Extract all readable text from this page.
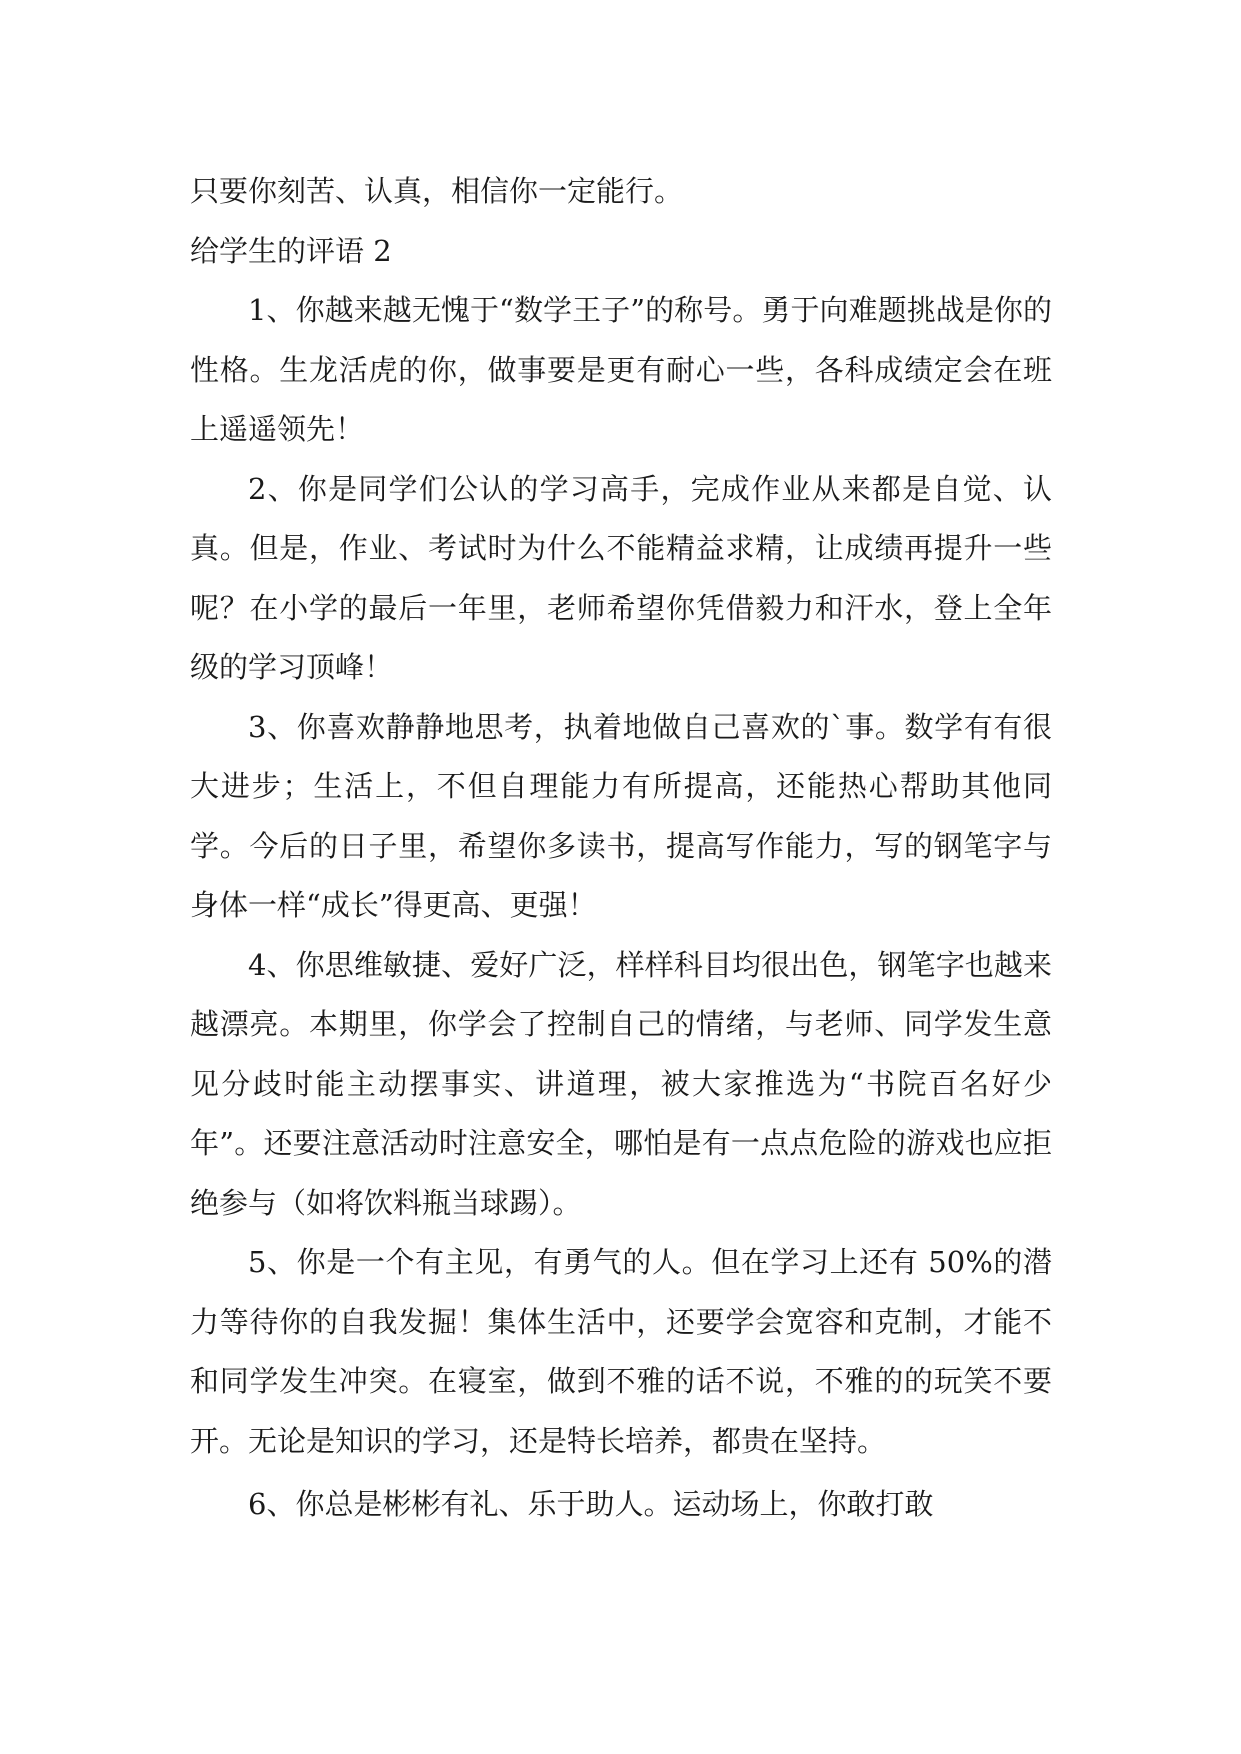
只要你刻苦、认真，相信你一定能行。

给学生的评语 2

1、你越来越无愧于“数学王子”的称号。勇于向难题挑战是你的性格。生龙活虎的你，做事要是更有耐心一些，各科成绩定会在班上遥遥领先！

2、你是同学们公认的学习高手，完成作业从来都是自觉、认真。但是，作业、考试时为什么不能精益求精，让成绩再提升一些呢？在小学的最后一年里，老师希望你凭借毅力和汗水，登上全年级的学习顶峰！

3、你喜欢静静地思考，执着地做自己喜欢的`事。数学有有很大进步；生活上，不但自理能力有所提高，还能热心帮助其他同学。今后的日子里，希望你多读书，提高写作能力，写的钢笔字与身体一样“成长”得更高、更强！

4、你思维敏捷、爱好广泛，样样科目均很出色，钢笔字也越来越漂亮。本期里，你学会了控制自己的情绪，与老师、同学发生意见分歧时能主动摆事实、讲道理，被大家推选为“书院百名好少年”。还要注意活动时注意安全，哪怕是有一点点危险的游戏也应拒绝参与（如将饮料瓶当球踢）。

5、你是一个有主见，有勇气的人。但在学习上还有 50%的潜力等待你的自我发掘！集体生活中，还要学会宽容和克制，才能不和同学发生冲突。在寝室，做到不雅的话不说，不雅的的玩笑不要开。无论是知识的学习，还是特长培养，都贵在坚持。

6、你总是彬彬有礼、乐于助人。运动场上，你敢打敢
